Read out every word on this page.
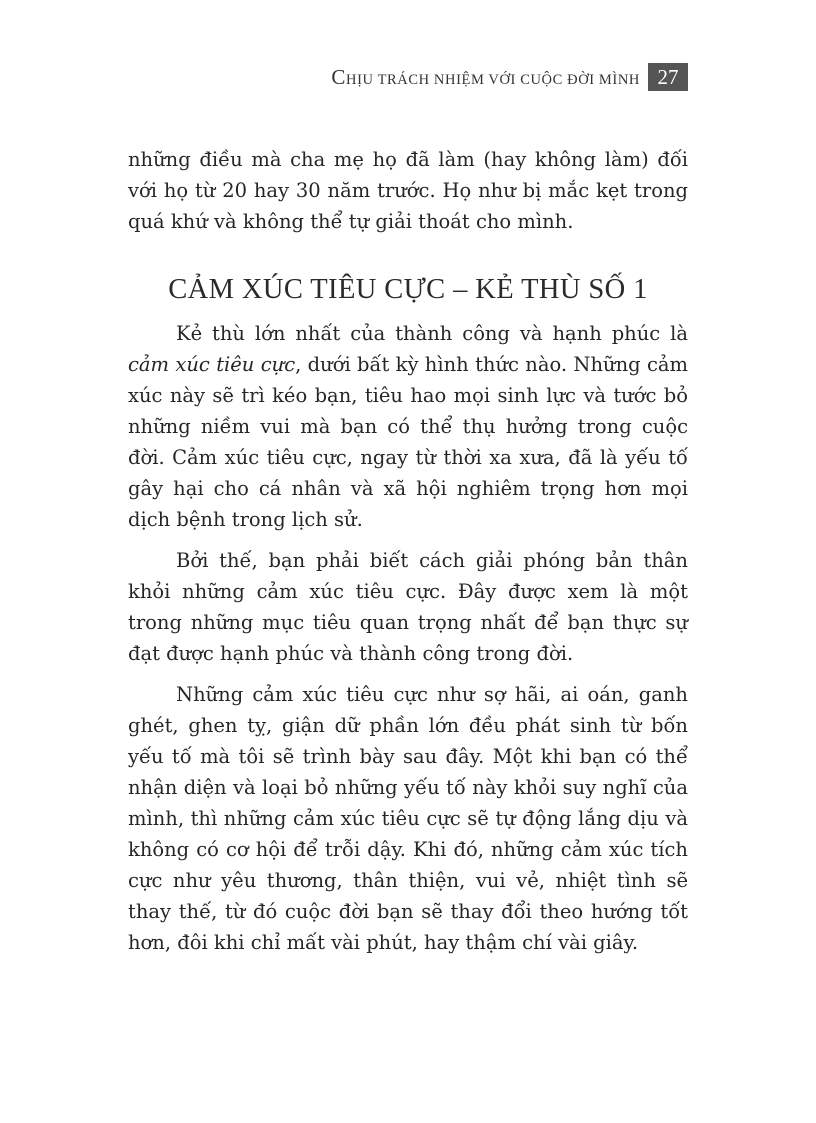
CHỊU TRÁCH NHIỆM VỚI CUỘC ĐỜI MÌNH 27

những điều mà cha mẹ họ đã làm (hay không làm) đối với họ từ 20 hay 30 năm trước. Họ như bị mắc kẹt trong quá khứ và không thể tự giải thoát cho mình.

CẢM XÚC TIÊU CỰC – KẺ THÙ SỐ 1

Kẻ thù lớn nhất của thành công và hạnh phúc là cảm xúc tiêu cực, dưới bất kỳ hình thức nào. Những cảm xúc này sẽ trì kéo bạn, tiêu hao mọi sinh lực và tước bỏ những niềm vui mà bạn có thể thụ hưởng trong cuộc đời. Cảm xúc tiêu cực, ngay từ thời xa xưa, đã là yếu tố gây hại cho cá nhân và xã hội nghiêm trọng hơn mọi dịch bệnh trong lịch sử.

Bởi thế, bạn phải biết cách giải phóng bản thân khỏi những cảm xúc tiêu cực. Đây được xem là một trong những mục tiêu quan trọng nhất để bạn thực sự đạt được hạnh phúc và thành công trong đời.

Những cảm xúc tiêu cực như sợ hãi, ai oán, ganh ghét, ghen tỵ, giận dữ phần lớn đều phát sinh từ bốn yếu tố mà tôi sẽ trình bày sau đây. Một khi bạn có thể nhận diện và loại bỏ những yếu tố này khỏi suy nghĩ của mình, thì những cảm xúc tiêu cực sẽ tự động lắng dịu và không có cơ hội để trỗi dậy. Khi đó, những cảm xúc tích cực như yêu thương, thân thiện, vui vẻ, nhiệt tình sẽ thay thế, từ đó cuộc đời bạn sẽ thay đổi theo hướng tốt hơn, đôi khi chỉ mất vài phút, hay thậm chí vài giây.
